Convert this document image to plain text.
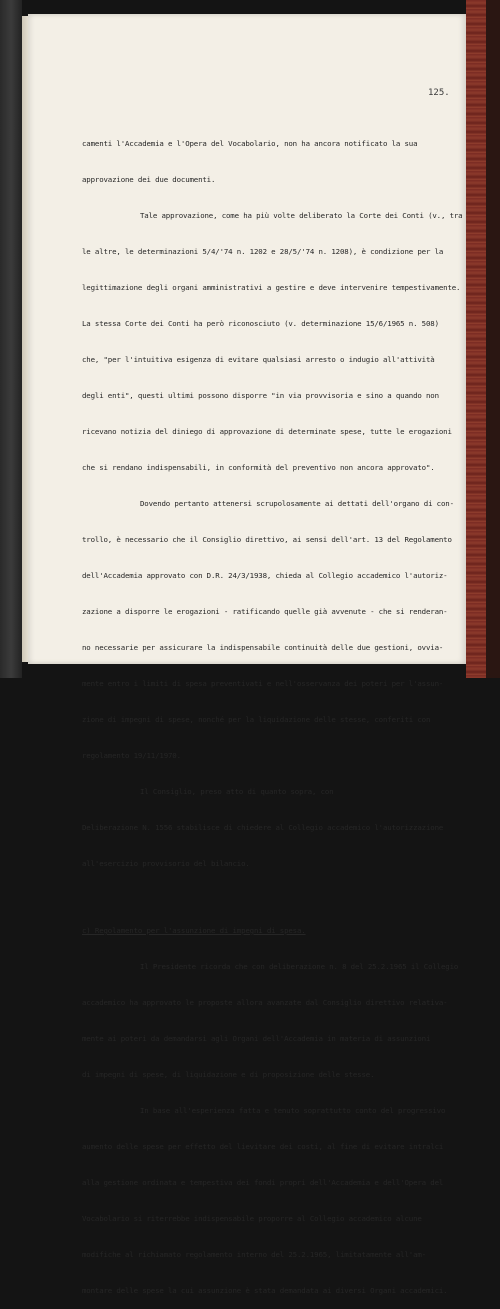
125.

camenti l'Accademia e l'Opera del Vocabolario, non ha ancora notificato la sua

approvazione dei due documenti.

Tale approvazione, come ha più volte deliberato la Corte dei Conti (v., tra

le altre, le determinazioni 5/4/'74 n. 1202 e 28/5/'74 n. 1208), è condizione per la

legittimazione degli organi amministrativi a gestire e deve intervenire tempestivamente.

La stessa Corte dei Conti ha però riconosciuto (v. determinazione 15/6/1965 n. 508)

che, "per l'intuitiva esigenza di evitare qualsiasi arresto o indugio all'attività

degli enti", questi ultimi possono disporre "in via provvisoria e sino a quando non

ricevano notizia del diniego di approvazione di determinate spese, tutte le erogazioni

che si rendano indispensabili, in conformità del preventivo non ancora approvato".

Dovendo pertanto attenersi scrupolosamente ai dettati dell'organo di con-

trollo, è necessario che il Consiglio direttivo, ai sensi dell'art. 13 del Regolamento

dell'Accademia approvato con D.R. 24/3/1938, chieda al Collegio accademico l'autoriz-

zazione a disporre le erogazioni - ratificando quelle già avvenute - che si renderan-

no necessarie per assicurare la indispensabile continuità delle due gestioni, ovvia-

mente entro i limiti di spesa preventivati e nell'osservanza dei poteri per l'assun-

zione di impegni di spese, nonché per la liquidazione delle stesse, conferiti con

regolamento 19/11/1970.

Il Consiglio, preso atto di quanto sopra, con

Deliberazione N. 1556 stabilisce di chiedere al Collegio accademico l'autorizzazione

all'esercizio provvisorio del bilancio.

c) Regolamento per l'assunzione di impegni di spesa.

Il Presidente ricorda che con deliberazione n. 8 del 25.2.1965 il Collegio

accademico ha approvato le proposte allora avanzate dal Consiglio direttivo relativa-

mente ai poteri da demandarsi agli Organi dell'Accademia in materia di assunzioni

di impegni di spese, di liquidazione e di proposizione delle stesse.

In base all'esperienza fatta e tenuto soprattutto conto del progressivo

aumento delle spese per effetto del lievitare dei costi, al fine di evitare intralci

alla gestione ordinata e tempestiva dei fondi propri dell'Accademia e dell'Opera del

Vocabolario si riterrebbe indispensabile proporre al Collegio accademico alcune

modifiche al richiamato regolamento interno del 25.2.1965, limitatamente all'am-

montare delle spese la cui assunzione è stata demandata ai diversi Organi accademici.
